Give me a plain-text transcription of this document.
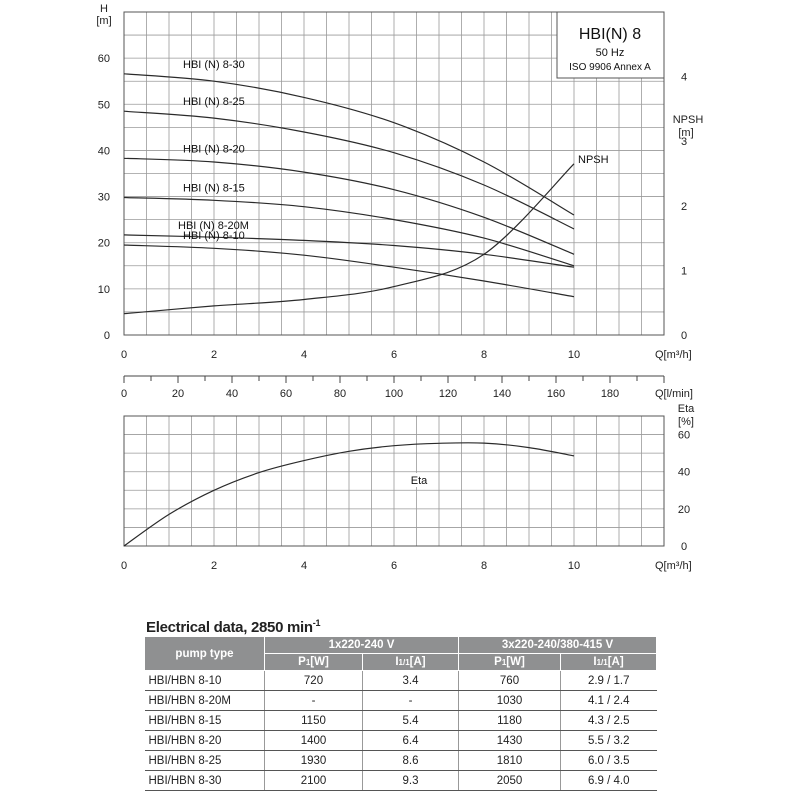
HBI(N) 8
50 Hz
ISO 9906 Annex A
0	2	4	6	8	10
0
10
20
30
40
50
60
0
1
2
3
4
Q[m³/h]
H
[m]
NPSH
[m]
HBI (N) 8-30
HBI (N) 8-25
HBI (N) 8-20
HBI (N) 8-15
HBI (N) 8-20M
HBI (N) 8-10
NPSH
0	20	40	60	80	100	120	140	160	180	Q[l/min]
0	2	4	6	8	10
0
20
40
60
Q[m³/h]
Eta
[%]
Eta
Electrical data, 2850 $\min^{-1}$
pump type	1x220-240 V		3x220-240/380-415 V	
	P1[W]	I1/1[A]	P1[W]	I1/1[A]
HBI/HBN 8-10	720	3.4	760	2.9 / 1.7
HBI/HBN 8-20M	-	-	1030	4.1 / 2.4
HBI/HBN 8-15	1150	5.4	1180	4.3 / 2.5
HBI/HBN 8-20	1400	6.4	1430	5.5 / 3.2
HBI/HBN 8-25	1930	8.6	1810	6.0 / 3.5
HBI/HBN 8-30	2100	9.3	2050	6.9 / 4.0
